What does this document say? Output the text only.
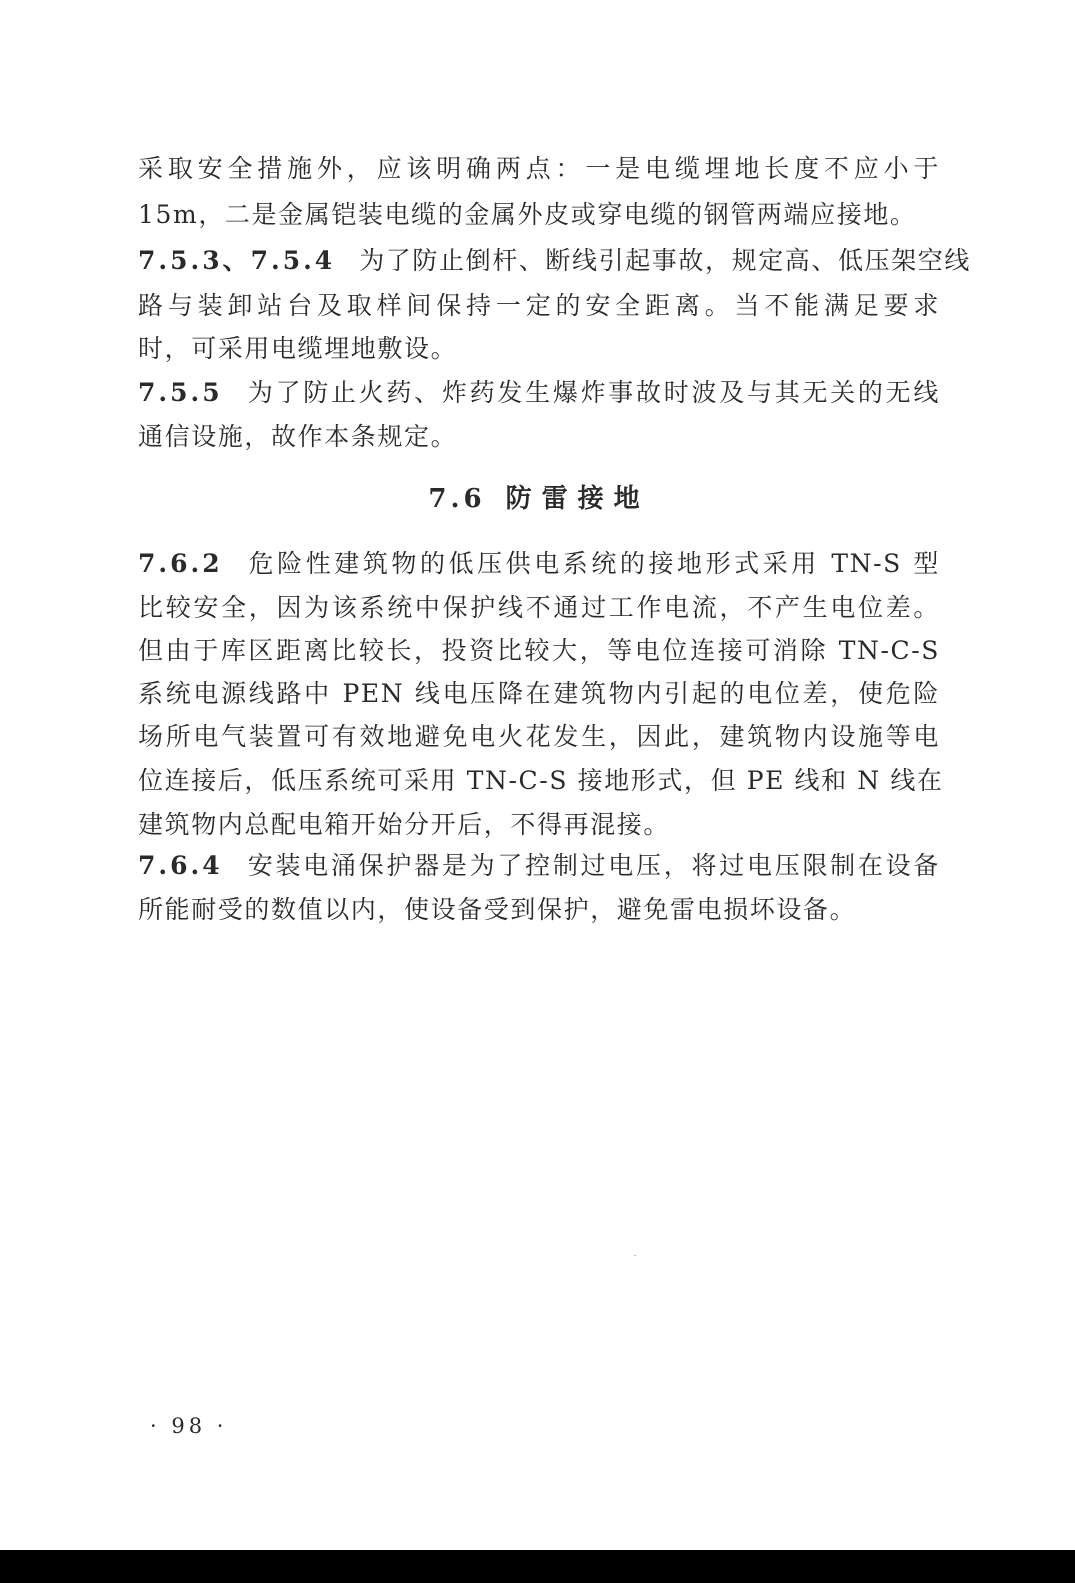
采取安全措施外，应该明确两点：一是电缆埋地长度不应小于
15m，二是金属铠装电缆的金属外皮或穿电缆的钢管两端应接地。
7.5.3、7.5.4 为了防止倒杆、断线引起事故，规定高、低压架空线
路与装卸站台及取样间保持一定的安全距离。当不能满足要求
时，可采用电缆埋地敷设。
7.5.5 为了防止火药、炸药发生爆炸事故时波及与其无关的无线
通信设施，故作本条规定。
7.6 防雷接地
7.6.2 危险性建筑物的低压供电系统的接地形式采用 TN-S 型
比较安全，因为该系统中保护线不通过工作电流，不产生电位差。
但由于库区距离比较长，投资比较大，等电位连接可消除 TN-C-S
系统电源线路中 PEN 线电压降在建筑物内引起的电位差，使危险
场所电气装置可有效地避免电火花发生，因此，建筑物内设施等电
位连接后，低压系统可采用 TN-C-S 接地形式，但 PE 线和 N 线在
建筑物内总配电箱开始分开后，不得再混接。
7.6.4 安装电涌保护器是为了控制过电压，将过电压限制在设备
所能耐受的数值以内，使设备受到保护，避免雷电损坏设备。
· 98 ·
